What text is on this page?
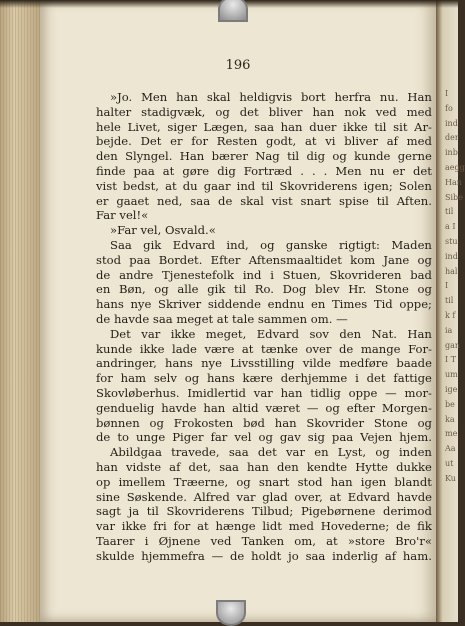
196
»Jo. Men han skal heldigvis bort herfra nu. Han
halter stadigvæk, og det bliver han nok ved med
hele Livet, siger Lægen, saa han duer ikke til sit Ar-
bejde. Det er for Resten godt, at vi bliver af med
den Slyngel. Han bærer Nag til dig og kunde gerne
finde paa at gøre dig Fortræd . . . Men nu er det
vist bedst, at du gaar ind til Skovriderens igen; Solen
er gaaet ned, saa de skal vist snart spise til Aften.
Far vel!«
»Far vel, Osvald.«
Saa gik Edvard ind, og ganske rigtigt: Maden
stod paa Bordet. Efter Aftensmaaltidet kom Jane og
de andre Tjenestefolk ind i Stuen, Skovrideren bad
en Bøn, og alle gik til Ro. Dog blev Hr. Stone og
hans nye Skriver siddende endnu en Times Tid oppe;
de havde saa meget at tale sammen om. —
Det var ikke meget, Edvard sov den Nat. Han
kunde ikke lade være at tænke over de mange For-
andringer, hans nye Livsstilling vilde medføre baade
for ham selv og hans kære derhjemme i det fattige
Skovløberhus. Imidlertid var han tidlig oppe — mor-
genduelig havde han altid været — og efter Morgen-
bønnen og Frokosten bød han Skovrider Stone og
de to unge Piger far vel og gav sig paa Vejen hjem.
Abildgaa travede, saa det var en Lyst, og inden
han vidste af det, saa han den kendte Hytte dukke
op imellem Træerne, og snart stod han igen blandt
sine Søskende. Alfred var glad over, at Edvard havde
sagt ja til Skovriderens Tilbud; Pigebørnene derimod
var ikke fri for at hænge lidt med Hovederne; de fik
Taarer i Øjnene ved Tanken om, at »store Bro'r«
skulde hjemmefra — de holdt jo saa inderlig af ham.
I
fo
ind
der
inb
aegg
Han
Sibe
til
a I
stu
ind
hal
I
til
k f
ia
gan
I T
um
ige
be
ka
me
Aa
ut
Ku
